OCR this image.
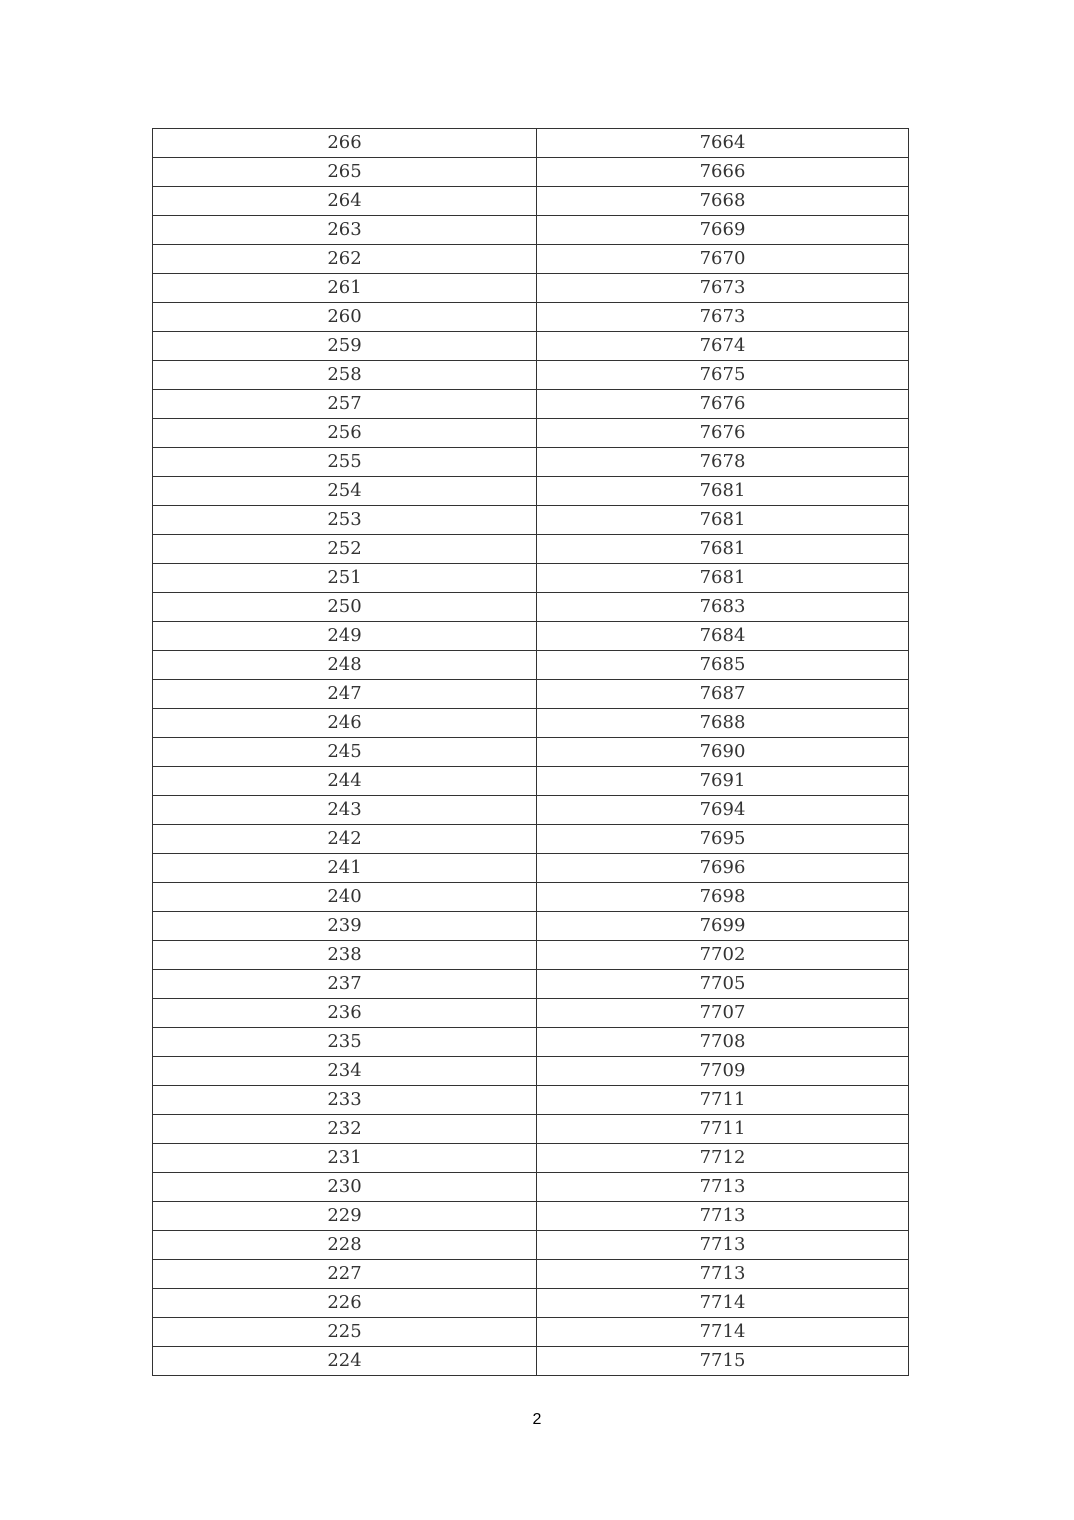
266	7664
265	7666
264	7668
263	7669
262	7670
261	7673
260	7673
259	7674
258	7675
257	7676
256	7676
255	7678
254	7681
253	7681
252	7681
251	7681
250	7683
249	7684
248	7685
247	7687
246	7688
245	7690
244	7691
243	7694
242	7695
241	7696
240	7698
239	7699
238	7702
237	7705
236	7707
235	7708
234	7709
233	7711
232	7711
231	7712
230	7713
229	7713
228	7713
227	7713
226	7714
225	7714
224	7715
2
